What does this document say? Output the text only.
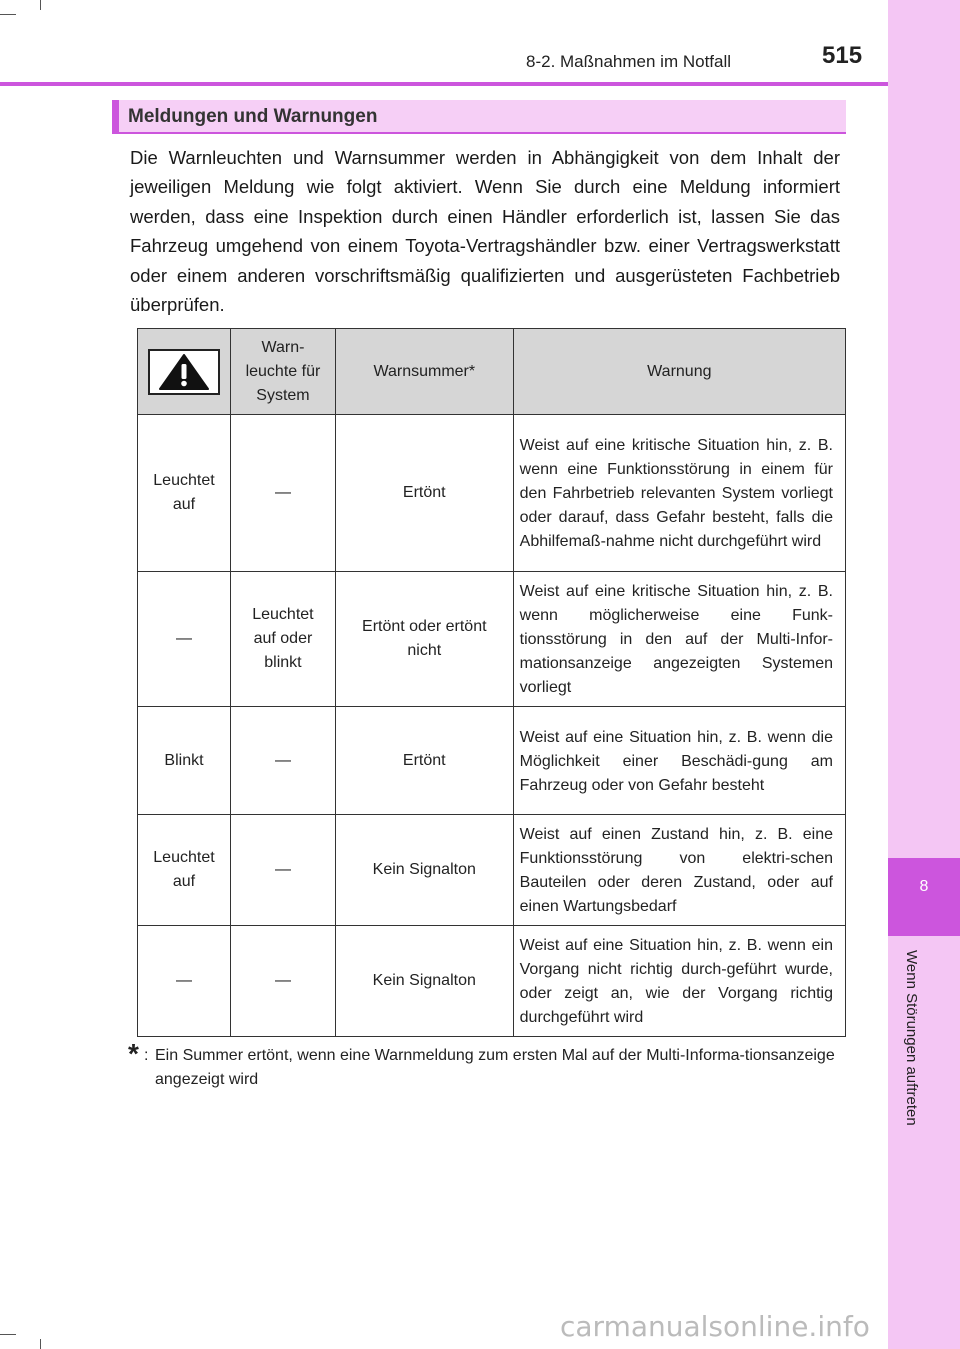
8
Wenn Störungen auftreten
8-2. Maßnahmen im Notfall	515
Meldungen und Warnungen
Die Warnleuchten und Warnsummer werden in Abhängigkeit von dem Inhalt der jeweiligen Meldung wie folgt aktiviert. Wenn Sie durch eine Meldung informiert werden, dass eine Inspektion durch einen Händler erforderlich ist, lassen Sie das Fahrzeug umgehend von einem Toyota-Vertragshändler bzw. einer Vertragswerkstatt oder einem anderen vorschriftsmäßig qualifizierten und ausgerüsteten Fachbetrieb überprüfen.
	Warn-leuchte für System	Warnsummer*	Warnung
Leuchtet auf	—	Ertönt	Weist auf eine kritische Situation hin, z. B. wenn eine Funktionsstörung in einem für den Fahrbetrieb relevanten System vorliegt oder darauf, dass Gefahr besteht, falls die Abhilfemaß-nahme nicht durchgeführt wird
—	Leuchtet auf oder blinkt	Ertönt oder ertönt nicht	Weist auf eine kritische Situation hin, z. B. wenn möglicherweise eine Funk-tionsstörung in den auf der Multi-Infor-mationsanzeige angezeigten Systemen vorliegt
Blinkt	—	Ertönt	Weist auf eine Situation hin, z. B. wenn die Möglichkeit einer Beschädi-gung am Fahrzeug oder von Gefahr besteht
Leuchtet auf	—	Kein Signalton	Weist auf einen Zustand hin, z. B. eine Funktionsstörung von elektri-schen Bauteilen oder deren Zustand, oder auf einen Wartungsbedarf
—	—	Kein Signalton	Weist auf eine Situation hin, z. B. wenn ein Vorgang nicht richtig durch-geführt wurde, oder zeigt an, wie der Vorgang richtig durchgeführt wird
* : Ein Summer ertönt, wenn eine Warnmeldung zum ersten Mal auf der Multi-Informa-tionsanzeige angezeigt wird
carmanualsonline.info
